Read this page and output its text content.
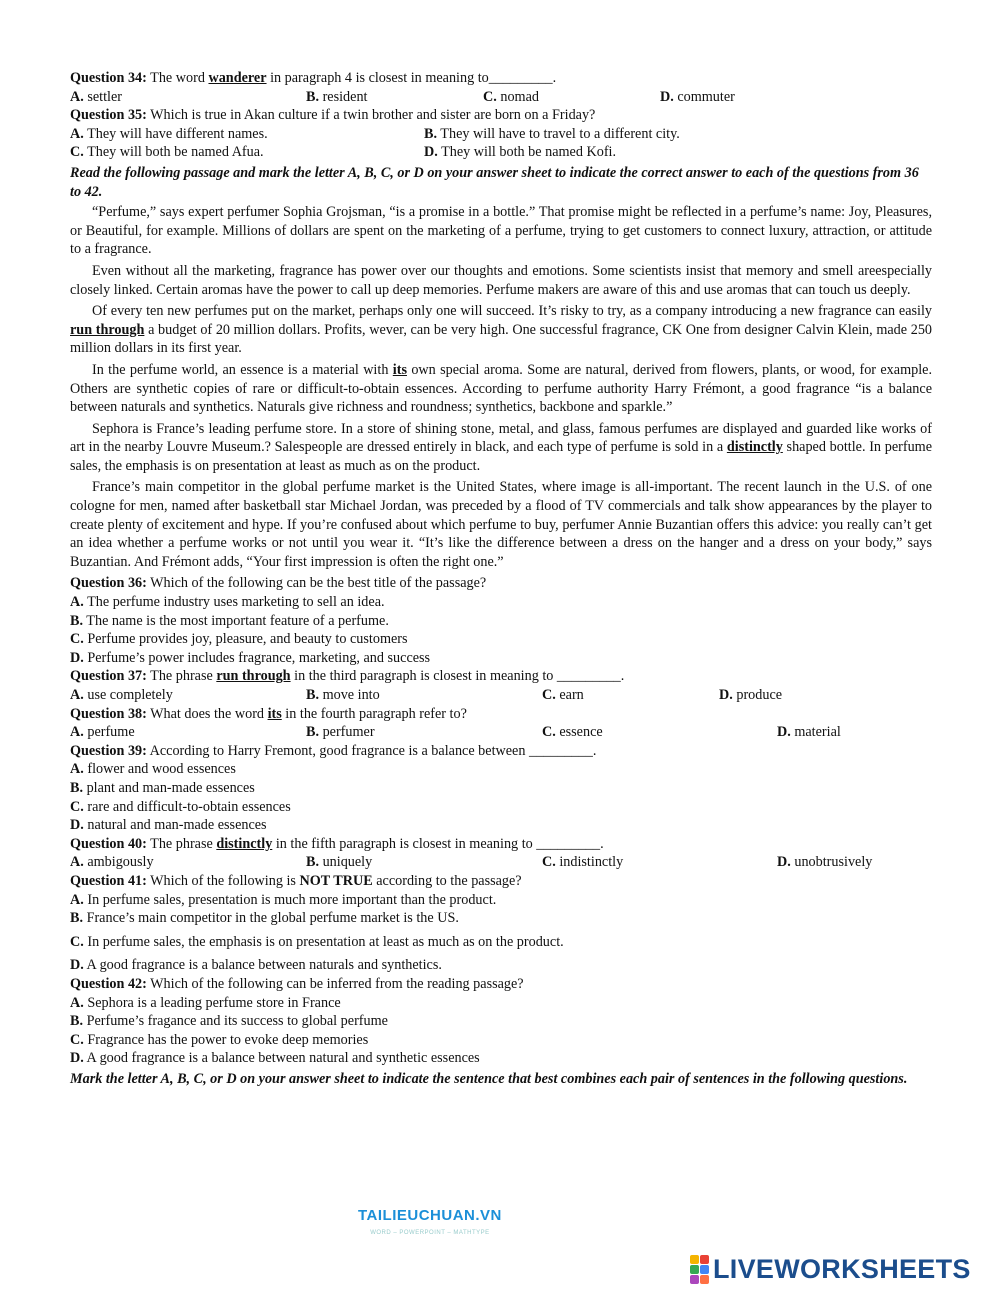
Question 34: The word wanderer in paragraph 4 is closest in meaning to_________.
A. settler	B. resident	C. nomad	D. commuter
Question 35: Which is true in Akan culture if a twin brother and sister are born on a Friday?
A. They will have different names.	B. They will have to travel to a different city.
C. They will both be named Afua.	D. They will both be named Kofi.
Read the following passage and mark the letter A, B, C, or D on your answer sheet to indicate the correct answer to each of the questions from 36 to 42.

“Perfume,” says expert perfumer Sophia Grojsman, “is a promise in a bottle.” That promise might be reflected in a perfume’s name: Joy, Pleasures, or Beautiful, for example. Millions of dollars are spent on the marketing of a perfume, trying to get customers to connect luxury, attraction, or attitude to a fragrance.

Even without all the marketing, fragrance has power over our thoughts and emotions. Some scientists insist that memory and smell areespecially closely linked. Certain aromas have the power to call up deep memories. Perfume makers are aware of this and use aromas that can touch us deeply.

Of every ten new perfumes put on the market, perhaps only one will succeed. It’s risky to try, as a company introducing a new fragrance can easily run through a budget of 20 million dollars. Profits, wever, can be very high. One successful fragrance, CK One from designer Calvin Klein, made 250 million dollars in its first year.

In the perfume world, an essence is a material with its own special aroma. Some are natural, derived from flowers, plants, or wood, for example. Others are synthetic copies of rare or difficult-to-obtain essences. According to perfume authority Harry Frémont, a good fragrance “is a balance between naturals and synthetics. Naturals give richness and roundness; synthetics, backbone and sparkle.”

Sephora is France’s leading perfume store. In a store of shining stone, metal, and glass, famous perfumes are displayed and guarded like works of art in the nearby Louvre Museum.? Salespeople are dressed entirely in black, and each type of perfume is sold in a distinctly shaped bottle. In perfume sales, the emphasis is on presentation at least as much as on the product.

France’s main competitor in the global perfume market is the United States, where image is all-important. The recent launch in the U.S. of one cologne for men, named after basketball star Michael Jordan, was preceded by a flood of TV commercials and talk show appearances by the player to create plenty of excitement and hype. If you’re confused about which perfume to buy, perfumer Annie Buzantian offers this advice: you really can’t get an idea whether a perfume works or not until you wear it. “It’s like the difference between a dress on the hanger and a dress on your body,” says Buzantian. And Frémont adds, “Your first impression is often the right one.”

Question 36: Which of the following can be the best title of the passage?
A. The perfume industry uses marketing to sell an idea.
B. The name is the most important feature of a perfume.
C. Perfume provides joy, pleasure, and beauty to customers
D. Perfume’s power includes fragrance, marketing, and success
Question 37: The phrase run through in the third paragraph is closest in meaning to _________.
A. use completely	B. move into	C. earn	D. produce
Question 38: What does the word its in the fourth paragraph refer to?
A. perfume	B. perfumer	C. essence	D. material
Question 39: According to Harry Fremont, good fragrance is a balance between _________.
A. flower and wood essences
B. plant and man-made essences
C. rare and difficult-to-obtain essences
D. natural and man-made essences
Question 40: The phrase distinctly in the fifth paragraph is closest in meaning to _________.
A. ambigously	B. uniquely	C. indistinctly	D. unobtrusively
Question 41: Which of the following is NOT TRUE according to the passage?
A. In perfume sales, presentation is much more important than the product.
B. France’s main competitor in the global perfume market is the US.
C. In perfume sales, the emphasis is on presentation at least as much as on the product.
D. A good fragrance is a balance between naturals and synthetics.
Question 42: Which of the following can be inferred from the reading passage?
A. Sephora is a leading perfume store in France
B. Perfume’s fragance and its success to global perfume
C. Fragrance has the power to evoke deep memories
D. A good fragrance is a balance between natural and synthetic essences
Mark the letter A, B, C, or D on your answer sheet to indicate the sentence that best combines each pair of sentences in the following questions.
TAILIEUCHUAN.VN
WORD – POWERPOINT – MATHTYPE
LIVEWORKSHEETS
